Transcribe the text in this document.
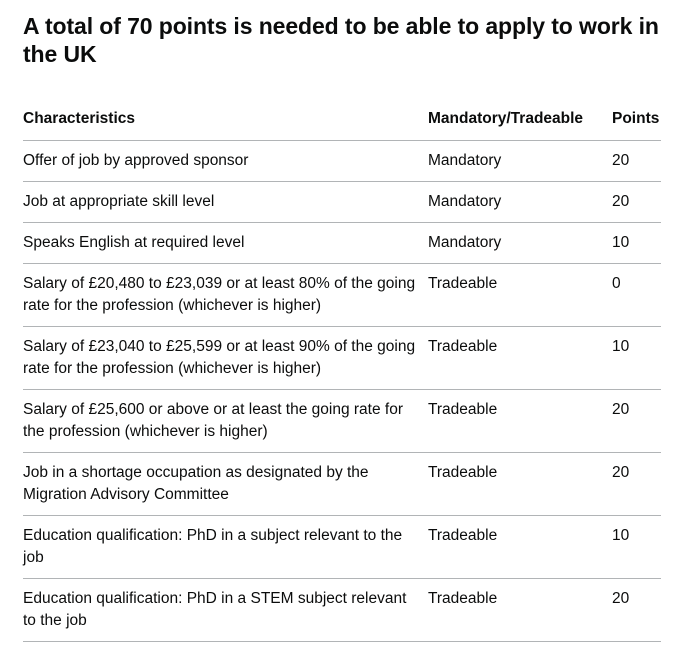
A total of 70 points is needed to be able to apply to work in the UK
Characteristics	Mandatory/Tradeable	Points
Offer of job by approved sponsor	Mandatory	20
Job at appropriate skill level	Mandatory	20
Speaks English at required level	Mandatory	10
Salary of £20,480 to £23,039 or at least 80% of the going rate for the profession (whichever is higher)	Tradeable	0
Salary of £23,040 to £25,599 or at least 90% of the going rate for the profession (whichever is higher)	Tradeable	10
Salary of £25,600 or above or at least the going rate for the profession (whichever is higher)	Tradeable	20
Job in a shortage occupation as designated by the Migration Advisory Committee	Tradeable	20
Education qualification: PhD in a subject relevant to the job	Tradeable	10
Education qualification: PhD in a STEM subject relevant to the job	Tradeable	20
